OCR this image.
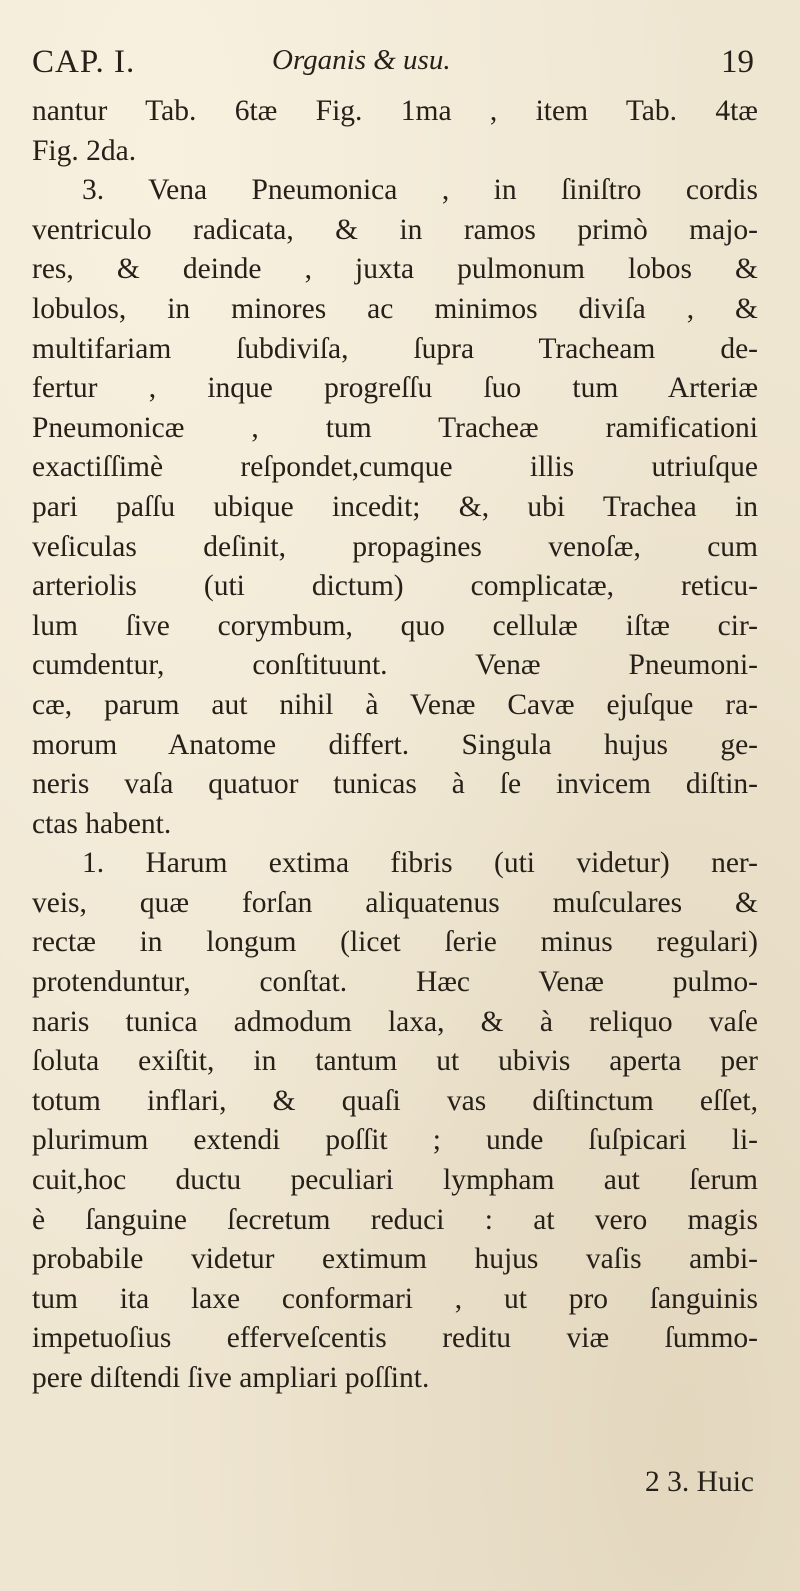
CAP. I.	Organis & usu.	19
nantur Tab. 6tæ Fig. 1ma , item Tab. 4tæ
Fig. 2da.
3. Vena Pneumonica , in ſiniſtro cordis
ventriculo radicata, & in ramos primò majo-
res, & deinde , juxta pulmonum lobos &
lobulos, in minores ac minimos diviſa , &
multifariam ſubdiviſa, ſupra Tracheam de-
fertur , inque progreſſu ſuo tum Arteriæ
Pneumonicæ , tum Tracheæ ramificationi
exactiſſimè reſpondet,cumque illis utriuſque
pari paſſu ubique incedit; &, ubi Trachea in
veſiculas deſinit, propagines venoſæ, cum
arteriolis (uti dictum) complicatæ, reticu-
lum ſive corymbum, quo cellulæ iſtæ cir-
cumdentur, conſtituunt. Venæ Pneumoni-
cæ, parum aut nihil à Venæ Cavæ ejuſque ra-
morum Anatome differt. Singula hujus ge-
neris vaſa quatuor tunicas à ſe invicem diſtin-
ctas habent.
1. Harum extima fibris (uti videtur) ner-
veis, quæ forſan aliquatenus muſculares &
rectæ in longum (licet ſerie minus regulari)
protenduntur, conſtat. Hæc Venæ pulmo-
naris tunica admodum laxa, & à reliquo vaſe
ſoluta exiſtit, in tantum ut ubivis aperta per
totum inflari, & quaſi vas diſtinctum eſſet,
plurimum extendi poſſit ; unde ſuſpicari li-
cuit,hoc ductu peculiari lympham aut ſerum
è ſanguine ſecretum reduci : at vero magis
probabile videtur extimum hujus vaſis ambi-
tum ita laxe conformari , ut pro ſanguinis
impetuoſius effervеſcentis reditu viæ ſummo-
pere diſtendi ſive ampliari poſſint.
2 3. Huic
